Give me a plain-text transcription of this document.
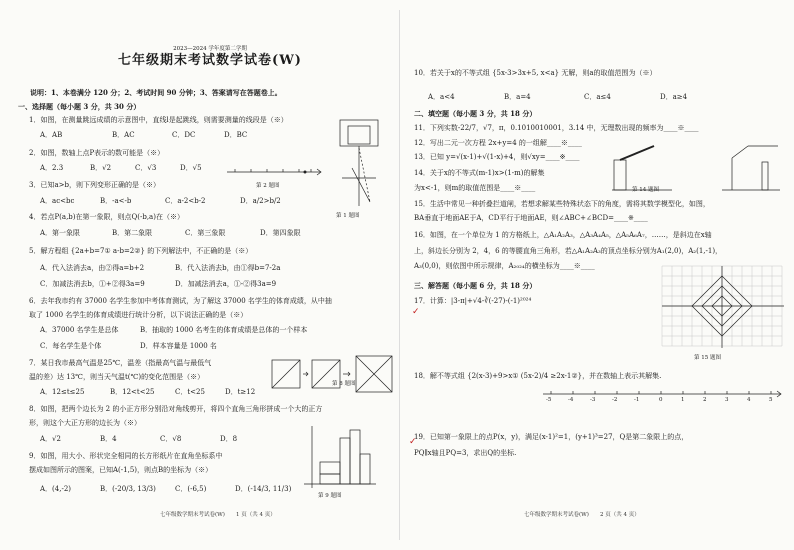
2023—2024 学年度第二学期
七年级期末考试数学试卷(W)
说明：1、本卷满分 120 分；2、考试时间 90 分钟；3、答案请写在答题卷上。
一、选择题（每小题 3 分，共 30 分）
1．如图，在测量跳远成绩的示意图中，直线l是起跳线，则需要测量的线段是（※）
A．AB	B．AC	C．DC	D．BC
第 1 题图
2．如图，数轴上点P表示的数可能是（※）
A．2.3	B．√2	C．√3	D．√5
第 2 题图
3．已知a>b，则下列变形正确的是（※）
A．ac<bc	B．-a<-b	C．a-2<b-2	D．a/2>b/2
4．若点P(a,b)在第一象限，则点Q(-b,a)在（※）
A．第一象限	B．第二象限	C．第三象限	D．第四象限
5．解方程组 {2a+b=7① a-b=2②} 的下列解法中，不正确的是（※）
A．代入法消去a，由②得a=b+2	B．代入法消去b，由①得b=7-2a
C．加减法消去b，①+②得3a=9	D．加减法消去a，①-②得3a=9
6．去年我市约有 37000 名学生参加中考体育测试，为了解这 37000 名学生的体育成绩，从中抽
取了 1000 名学生的体育成绩进行统计分析，以下说法正确的是（※）
A．37000 名学生是总体	B．抽取的 1000 名考生的体育成绩是总体的一个样本
C．每名学生是个体	D．样本容量是 1000 名
7．某日我市最高气温是25℃，温差（指最高气温与最低气
温的差）达 13℃，则当天气温t(℃)的变化范围是（※）
A．12≤t≤25	B．12<t<25	C．t<25	D．t≥12
第 8 题图
8．如图，把两个边长为 2 的小正方形分别沿对角线剪开，将四个直角三角形拼成一个大的正方
形，则这个大正方形的边长为（※）
A．√2	B．4	C．√8	D．8
9．如图，用大小、形状完全相同的长方形纸片在直角坐标系中
摆成如图所示的图案，已知A(-1,5)，则点B的坐标为（※）
A．(4,-2)	B．(-20/3, 13/3)	C．(-6,5)	D．(-14/3, 11/3)
第 9 题图
七年级数学期末考试卷(W)　　1 页（共 4 页）
10．若关于x的不等式组 {5x-3>3x+5, x<a} 无解，则a的取值范围为（※）
A．a<4	B．a=4	C．a≤4	D．a≥4
二、填空题（每小题 3 分，共 18 分）
11．下列实数-22/7，√7，π，0.1010010001，3.14 中，无理数出现的频率为____※____
12．写出二元一次方程 2x+y=4 的一组解____※____
13．已知 y=√(x-1)+√(1-x)+4，则√xy=____※____
14．关于x的不等式(m-1)x>(1-m)的解集
为x<-1，则m的取值范围是____※____	第 14 题图
15．生活中常见一种折叠拦道闸，若想求解某些特殊状态下的角度，需将其数学模型化，如图，
BA垂直于地面AE于A，CD平行于地面AE，则∠ABC+∠BCD=____※____
16．如图，在一个单位为 1 的方格纸上，△A₁A₂A₃，△A₃A₄A₅，△A₅A₆A₇，……，是斜边在x轴
上，斜边长分别为 2，4，6 的等腰直角三角形，若△A₁A₂A₃的顶点坐标分别为A₁(2,0)，A₂(1,-1)，
A₃(0,0)，则依图中所示规律，A₂₀₂₄的横坐标为____※____
三、解答题（每小题 6 分，共 18 分）
第 15 题图
17．计算：|3-π|+√4-∛(-27)-(-1)²⁰²⁴
✓
18．解不等式组 {2(x-3)+9>x① (5x-2)/4 ≥2x-1②}，并在数轴上表示其解集.
-5	-4	-3	-2	-1	0	1	2	3	4	5
19．已知第一象限上的点P(x，y)，满足(x-1)²=1，(y+1)³=27，Q是第二象限上的点，
PQ∥x轴且PQ=3，求出Q的坐标.
✓
七年级数学期末考试卷(W)　　2 页（共 4 页）
